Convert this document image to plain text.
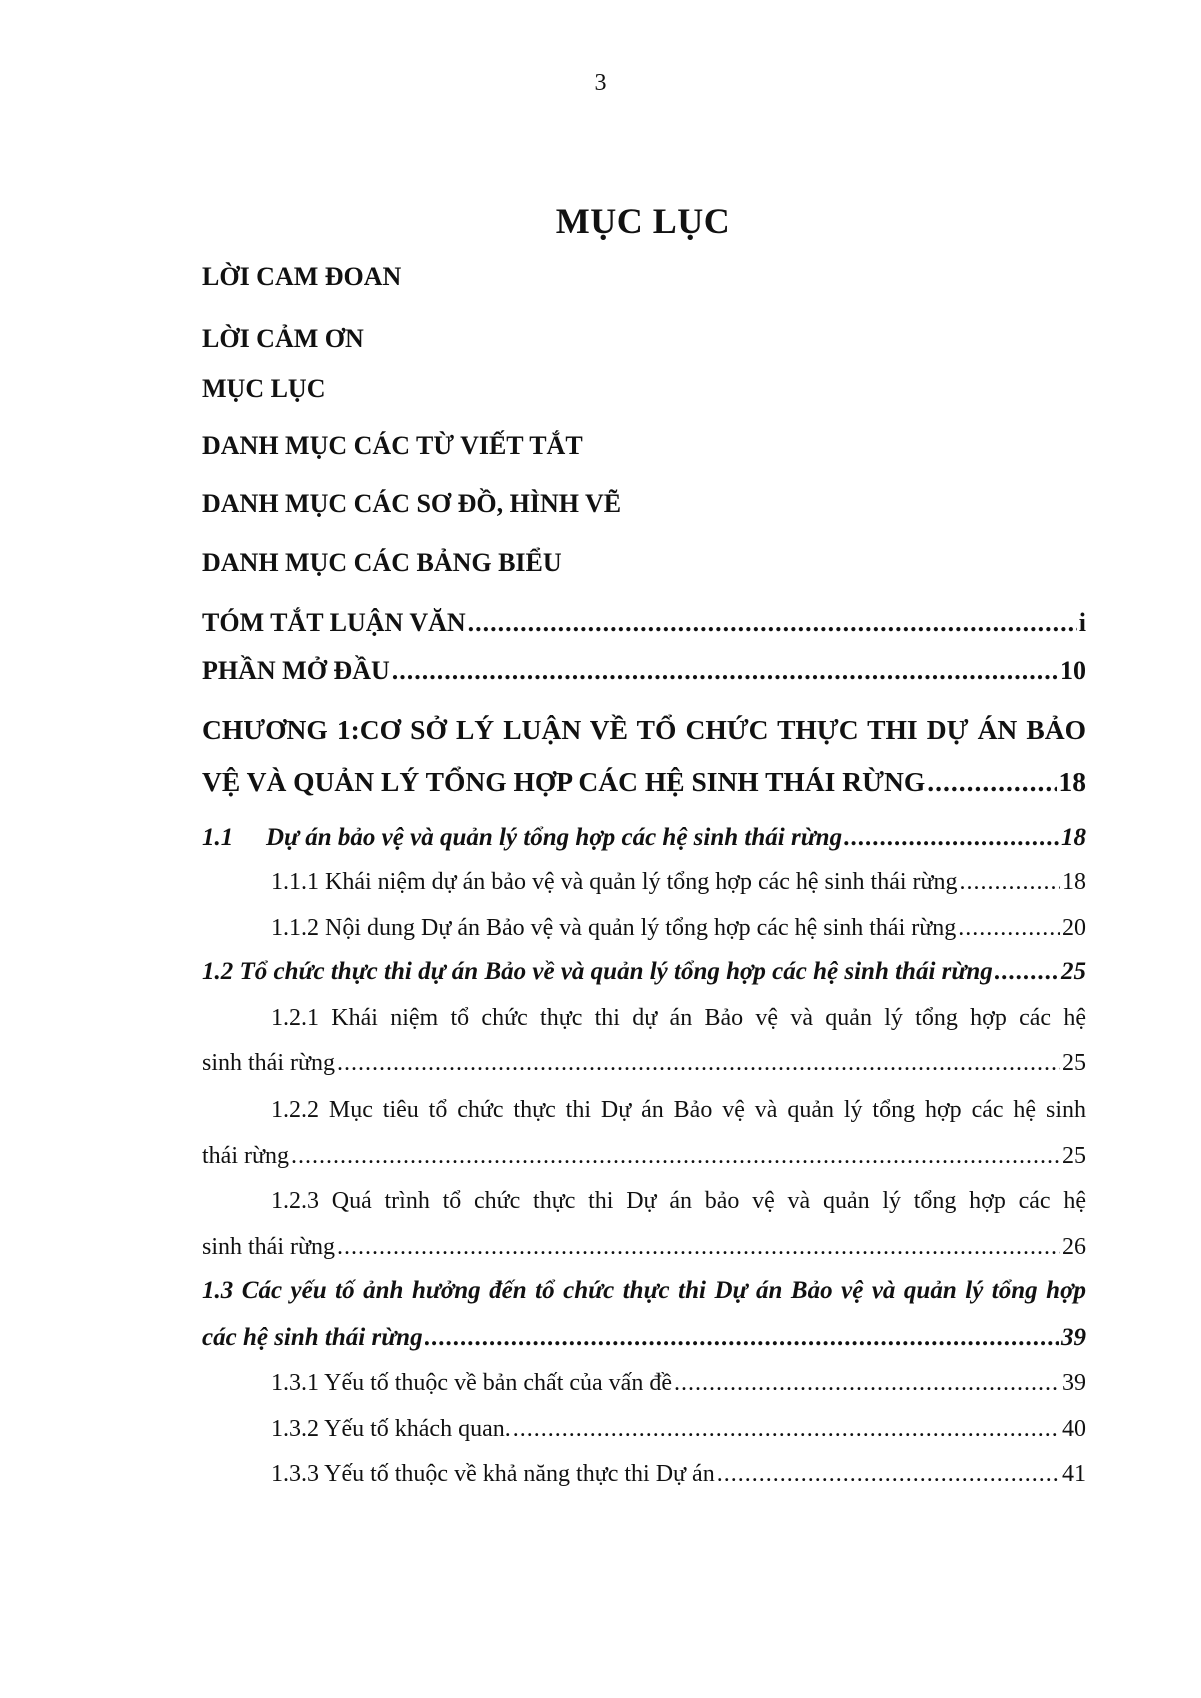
3
MỤC LỤC
LỜI CAM ĐOAN
LỜI CẢM ƠN
MỤC LỤC
DANH MỤC CÁC TỪ VIẾT TẮT
DANH MỤC CÁC SƠ ĐỒ, HÌNH VẼ
DANH MỤC CÁC BẢNG BIỂU
TÓM TẮT LUẬN VĂN .....	i
PHẦN MỞ ĐẦU .....	10
CHƯƠNG 1:CƠ SỞ LÝ LUẬN VỀ TỔ CHỨC THỰC THI DỰ ÁN BẢO
VỆ VÀ QUẢN LÝ TỔNG HỢP CÁC HỆ SINH THÁI RỪNG .....	18
1.1	Dự án bảo vệ và quản lý tổng hợp các hệ sinh thái rừng .....	18
1.1.1 Khái niệm dự án bảo vệ và quản lý tổng hợp các hệ sinh thái rừng .....	18
1.1.2 Nội dung Dự án Bảo vệ và quản lý tổng hợp các hệ sinh thái rừng .....	20
1.2 Tổ chức thực thi dự án Bảo về và quản lý tổng hợp các hệ sinh thái rừng .....	25
1.2.1 Khái niệm tổ chức thực thi dự án Bảo vệ và quản lý tổng hợp các hệ
sinh thái rừng .....	25
1.2.2 Mục tiêu tổ chức thực thi Dự án Bảo vệ và quản lý tổng hợp các hệ sinh
thái rừng .....	25
1.2.3 Quá trình tổ chức thực thi Dự án bảo vệ và quản lý tổng hợp các hệ
sinh thái rừng .....	26
1.3 Các yếu tố ảnh hưởng đến tổ chức thực thi Dự án Bảo vệ và quản lý tổng hợp
các hệ sinh thái rừng .....	39
1.3.1 Yếu tố thuộc về bản chất của vấn đề .....	39
1.3.2 Yếu tố khách quan. .....	40
1.3.3 Yếu tố thuộc về khả năng thực thi Dự án .....	41
